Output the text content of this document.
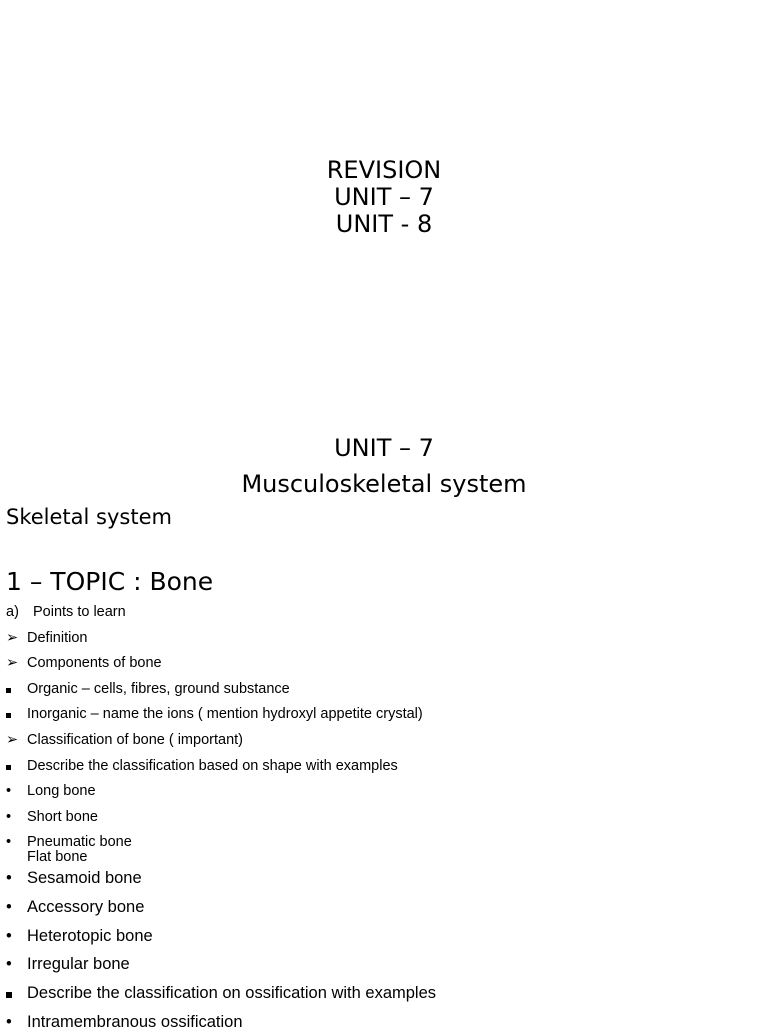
REVISION
UNIT – 7
UNIT - 8
UNIT – 7
Musculoskeletal system
Skeletal system
1 – TOPIC : Bone
a) Points to learn
➢ Definition
➢ Components of bone
Organic – cells, fibres, ground substance
Inorganic – name the ions ( mention hydroxyl appetite crystal)
➢ Classification of bone ( important)
Describe the classification based on shape with examples
•	Long bone
•	Short bone
•	Pneumatic bone
Flat bone
• Sesamoid bone
• Accessory bone
• Heterotopic bone
• Irregular bone
Describe the classification on ossification with examples
• Intramembranous ossification
